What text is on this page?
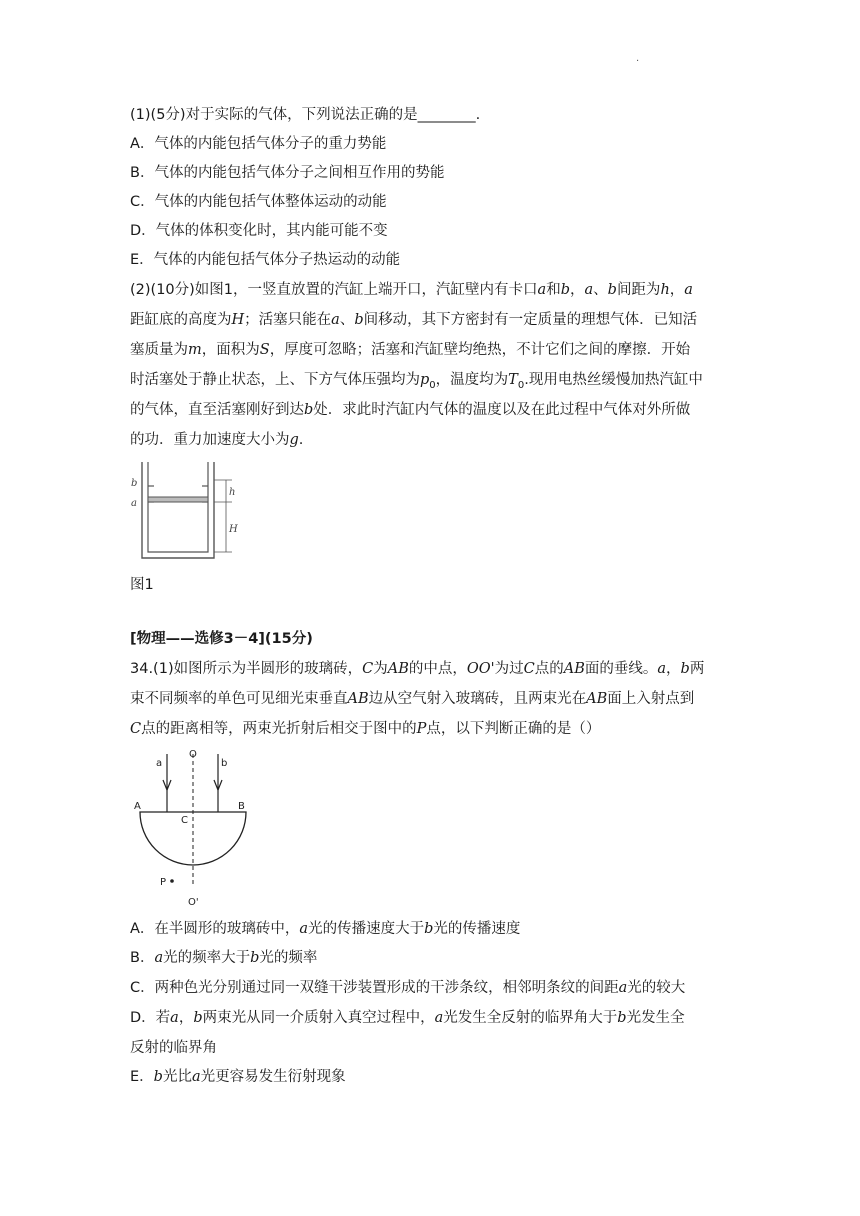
·
(1)(5分)对于实际的气体，下列说法正确的是________.
A．气体的内能包括气体分子的重力势能
B．气体的内能包括气体分子之间相互作用的势能
C．气体的内能包括气体整体运动的动能
D．气体的体积变化时，其内能可能不变
E．气体的内能包括气体分子热运动的动能
(2)(10分)如图1，一竖直放置的汽缸上端开口，汽缸壁内有卡口a和b，a、b间距为h，a
距缸底的高度为H；活塞只能在a、b间移动，其下方密封有一定质量的理想气体．已知活
塞质量为m，面积为S，厚度可忽略；活塞和汽缸壁均绝热，不计它们之间的摩擦．开始
时活塞处于静止状态，上、下方气体压强均为$p_0$，温度均为$T_0$.现用电热丝缓慢加热汽缸中
的气体，直至活塞刚好到达b处．求此时汽缸内气体的温度以及在此过程中气体对外所做
的功．重力加速度大小为g.
b
a
h
H
图1
[物理——选修3－4](15分)
34.(1)如图所示为半圆形的玻璃砖，C为AB的中点，OO'为过C点的AB面的垂线。a，b两
束不同频率的单色可见细光束垂直AB边从空气射入玻璃砖，且两束光在AB面上入射点到
C点的距离相等，两束光折射后相交于图中的P点，以下判断正确的是（）
O
a	b
A	B
C
P
O'
A．在半圆形的玻璃砖中，a光的传播速度大于b光的传播速度
B．a光的频率大于b光的频率
C．两种色光分别通过同一双缝干涉装置形成的干涉条纹，相邻明条纹的间距a光的较大
D．若a，b两束光从同一介质射入真空过程中，a光发生全反射的临界角大于b光发生全
反射的临界角
E．b光比a光更容易发生衍射现象
